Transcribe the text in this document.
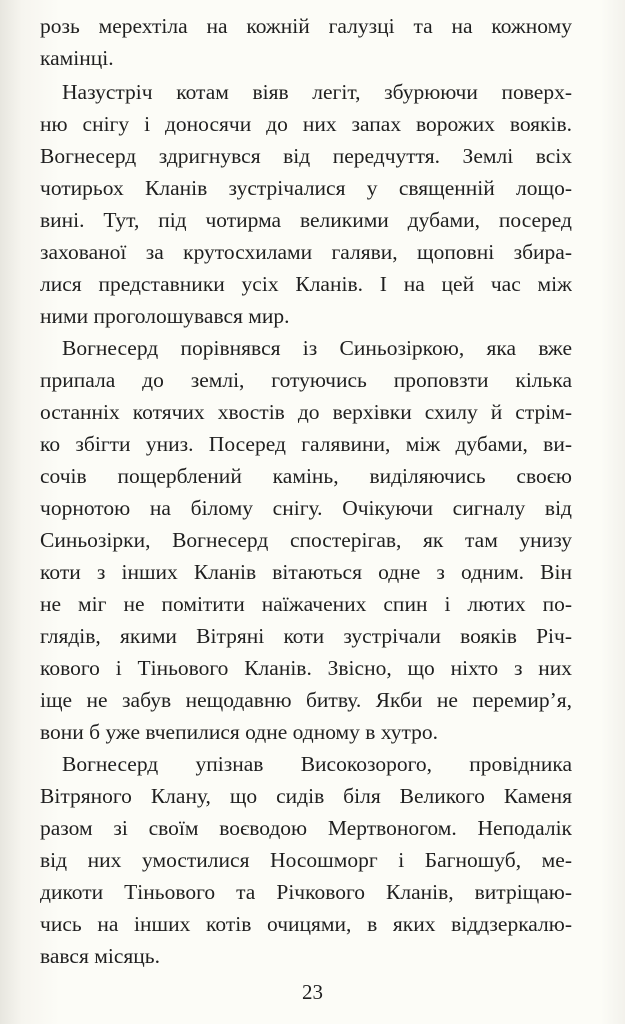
розь мерехтіла на кожній галузці та на кожному
камінці.
Назустріч котам віяв легіт, збурюючи поверх-
ню снігу і доносячи до них запах ворожих вояків.
Вогнесерд здригнувся від передчуття. Землі всіх
чотирьох Кланів зустрічалися у священній лощо-
вині. Тут, під чотирма великими дубами, посеред
захованої за крутосхилами галяви, щоповні збира-
лися представники усіх Кланів. І на цей час між
ними проголошувався мир.
Вогнесерд порівнявся із Синьозіркою, яка вже
припала до землі, готуючись проповзти кілька
останніх котячих хвостів до верхівки схилу й стрім-
ко збігти униз. Посеред галявини, між дубами, ви-
сочів пощерблений камінь, виділяючись своєю
чорнотою на білому снігу. Очікуючи сигналу від
Синьозірки, Вогнесерд спостерігав, як там унизу
коти з інших Кланів вітаються одне з одним. Він
не міг не помітити наїжачених спин і лютих по-
глядів, якими Вітряні коти зустрічали вояків Річ-
кового і Тіньового Кланів. Звісно, що ніхто з них
іще не забув нещодавню битву. Якби не перемир’я,
вони б уже вчепилися одне одному в хутро.
Вогнесерд упізнав Високозорого, провідника
Вітряного Клану, що сидів біля Великого Каменя
разом зі своїм воєводою Мертвоногом. Неподалік
від них умостилися Носошморг і Багношуб, ме-
дикоти Тіньового та Річкового Кланів, витріщаю-
чись на інших котів очицями, в яких віддзеркалю-
вався місяць.
23
